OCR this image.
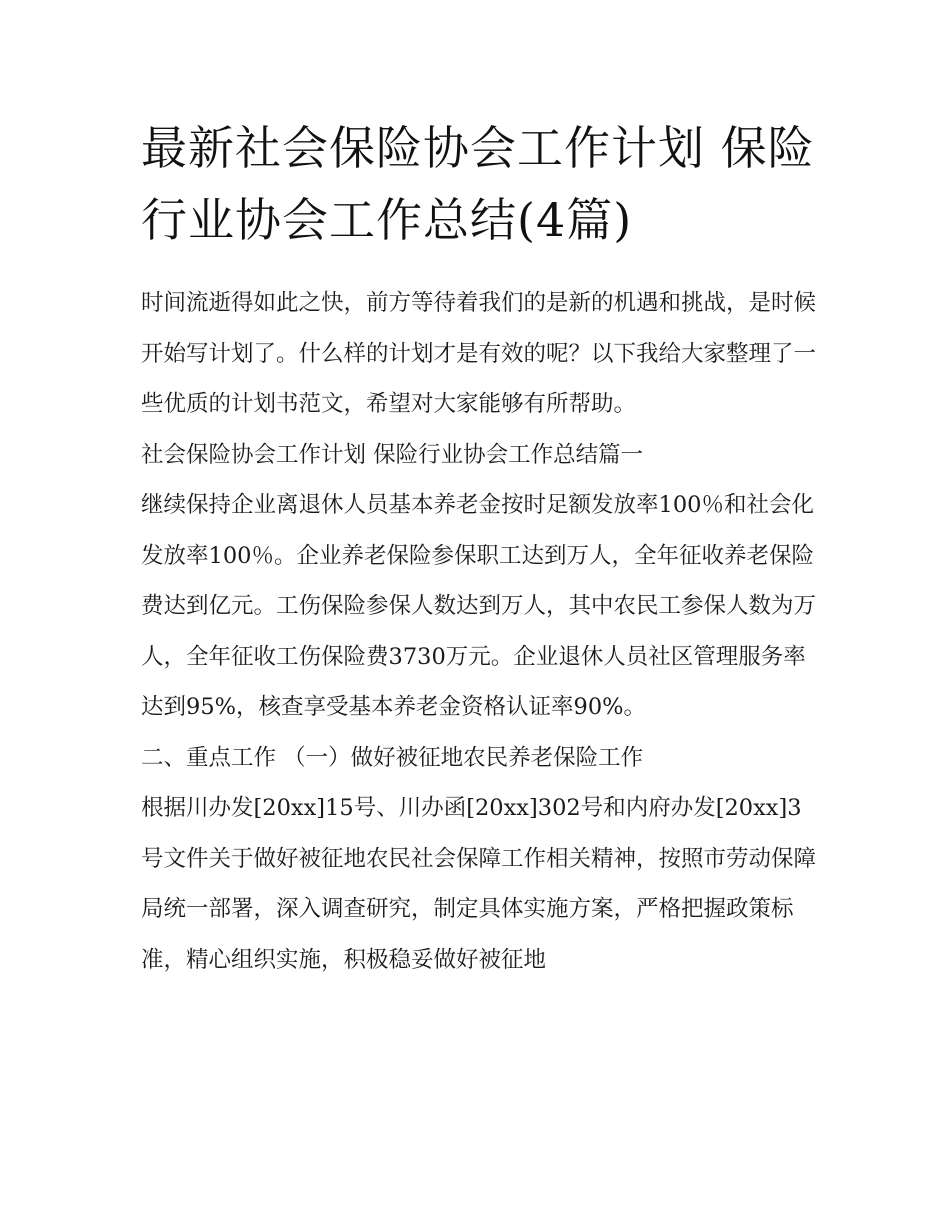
最新社会保险协会工作计划 保险行业协会工作总结(4篇)

时间流逝得如此之快，前方等待着我们的是新的机遇和挑战，是时候开始写计划了。什么样的计划才是有效的呢？以下我给大家整理了一些优质的计划书范文，希望对大家能够有所帮助。

社会保险协会工作计划 保险行业协会工作总结篇一

继续保持企业离退休人员基本养老金按时足额发放率100％和社会化发放率100％。企业养老保险参保职工达到万人，全年征收养老保险费达到亿元。工伤保险参保人数达到万人，其中农民工参保人数为万人，全年征收工伤保险费3730万元。企业退休人员社区管理服务率达到95%，核查享受基本养老金资格认证率90%。

二、重点工作 （一）做好被征地农民养老保险工作

根据川办发[20xx]15号、川办函[20xx]302号和内府办发[20xx]3号文件关于做好被征地农民社会保障工作相关精神，按照市劳动保障局统一部署，深入调查研究，制定具体实施方案，严格把握政策标准，精心组织实施，积极稳妥做好被征地
